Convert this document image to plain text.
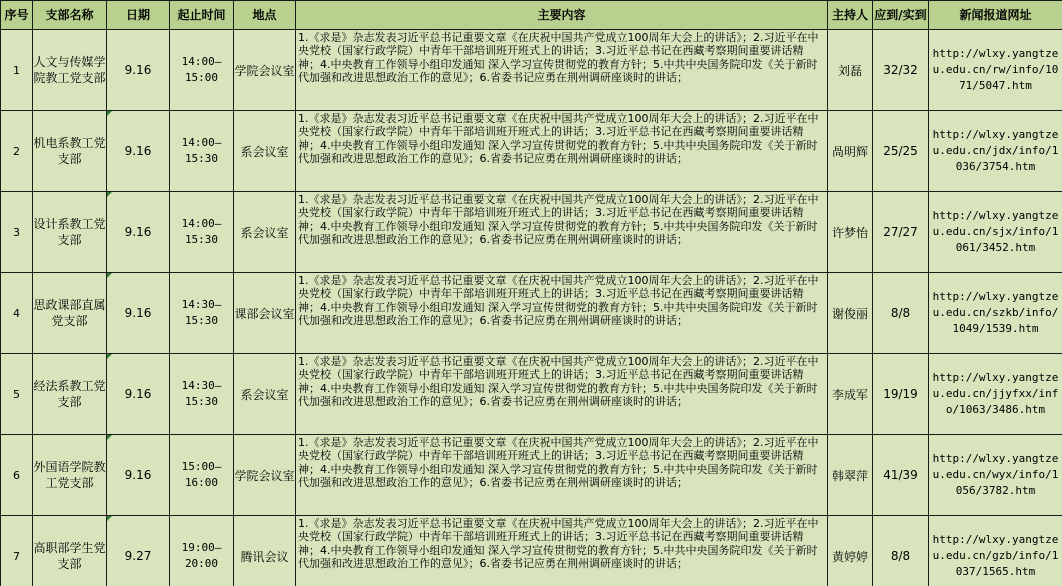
序号	支部名称	日期	起止时间	地点	主要内容	主持人	应到/实到	新闻报道网址
1	人文与传媒学院教工党支部	9.16	14:00—15:00	学院会议室	1.《求是》杂志发表习近平总书记重要文章《在庆祝中国共产党成立100周年大会上的讲话》；2.习近平在中央党校（国家行政学院）中青年干部培训班开班式上的讲话；3.习近平总书记在西藏考察期间重要讲话精神；4.中央教育工作领导小组印发通知 深入学习宣传贯彻党的教育方针；5.中共中央国务院印发《关于新时代加强和改进思想政治工作的意见》；6.省委书记应勇在荆州调研座谈时的讲话；	刘磊	32/32	http://wlxy.yangtzeu.edu.cn/rw/info/1071/5047.htm
2	机电系教工党支部	9.16	14:00—15:30	系会议室	1.《求是》杂志发表习近平总书记重要文章《在庆祝中国共产党成立100周年大会上的讲话》；2.习近平在中央党校（国家行政学院）中青年干部培训班开班式上的讲话；3.习近平总书记在西藏考察期间重要讲话精神；4.中央教育工作领导小组印发通知 深入学习宣传贯彻党的教育方针；5.中共中央国务院印发《关于新时代加强和改进思想政治工作的意见》；6.省委书记应勇在荆州调研座谈时的讲话；	咼明辉	25/25	http://wlxy.yangtzeu.edu.cn/jdx/info/1036/3754.htm
3	设计系教工党支部	9.16	14:00—15:30	系会议室	1.《求是》杂志发表习近平总书记重要文章《在庆祝中国共产党成立100周年大会上的讲话》；2.习近平在中央党校（国家行政学院）中青年干部培训班开班式上的讲话；3.习近平总书记在西藏考察期间重要讲话精神；4.中央教育工作领导小组印发通知 深入学习宣传贯彻党的教育方针；5.中共中央国务院印发《关于新时代加强和改进思想政治工作的意见》；6.省委书记应勇在荆州调研座谈时的讲话；	许梦怡	27/27	http://wlxy.yangtzeu.edu.cn/sjx/info/1061/3452.htm
4	思政课部直属党支部	9.16	14:30—15:30	课部会议室	1.《求是》杂志发表习近平总书记重要文章《在庆祝中国共产党成立100周年大会上的讲话》；2.习近平在中央党校（国家行政学院）中青年干部培训班开班式上的讲话；3.习近平总书记在西藏考察期间重要讲话精神；4.中央教育工作领导小组印发通知 深入学习宣传贯彻党的教育方针；5.中共中央国务院印发《关于新时代加强和改进思想政治工作的意见》；6.省委书记应勇在荆州调研座谈时的讲话；	谢俊丽	8/8	http://wlxy.yangtzeu.edu.cn/szkb/info/1049/1539.htm
5	经法系教工党支部	9.16	14:30—15:30	系会议室	1.《求是》杂志发表习近平总书记重要文章《在庆祝中国共产党成立100周年大会上的讲话》；2.习近平在中央党校（国家行政学院）中青年干部培训班开班式上的讲话；3.习近平总书记在西藏考察期间重要讲话精神；4.中央教育工作领导小组印发通知 深入学习宣传贯彻党的教育方针；5.中共中央国务院印发《关于新时代加强和改进思想政治工作的意见》；6.省委书记应勇在荆州调研座谈时的讲话；	李成军	19/19	http://wlxy.yangtzeu.edu.cn/jjyfxx/info/1063/3486.htm
6	外国语学院教工党支部	9.16	15:00—16:00	学院会议室	1.《求是》杂志发表习近平总书记重要文章《在庆祝中国共产党成立100周年大会上的讲话》；2.习近平在中央党校（国家行政学院）中青年干部培训班开班式上的讲话；3.习近平总书记在西藏考察期间重要讲话精神；4.中央教育工作领导小组印发通知 深入学习宣传贯彻党的教育方针；5.中共中央国务院印发《关于新时代加强和改进思想政治工作的意见》；6.省委书记应勇在荆州调研座谈时的讲话；	韩翠萍	41/39	http://wlxy.yangtzeu.edu.cn/wyx/info/1056/3782.htm
7	高职部学生党支部	9.27	19:00—20:00	腾讯会议	1.《求是》杂志发表习近平总书记重要文章《在庆祝中国共产党成立100周年大会上的讲话》；2.习近平在中央党校（国家行政学院）中青年干部培训班开班式上的讲话；3.习近平总书记在西藏考察期间重要讲话精神；4.中央教育工作领导小组印发通知 深入学习宣传贯彻党的教育方针；5.中共中央国务院印发《关于新时代加强和改进思想政治工作的意见》；6.省委书记应勇在荆州调研座谈时的讲话；	黄婷婷	8/8	http://wlxy.yangtzeu.edu.cn/gzb/info/1037/1565.htm
